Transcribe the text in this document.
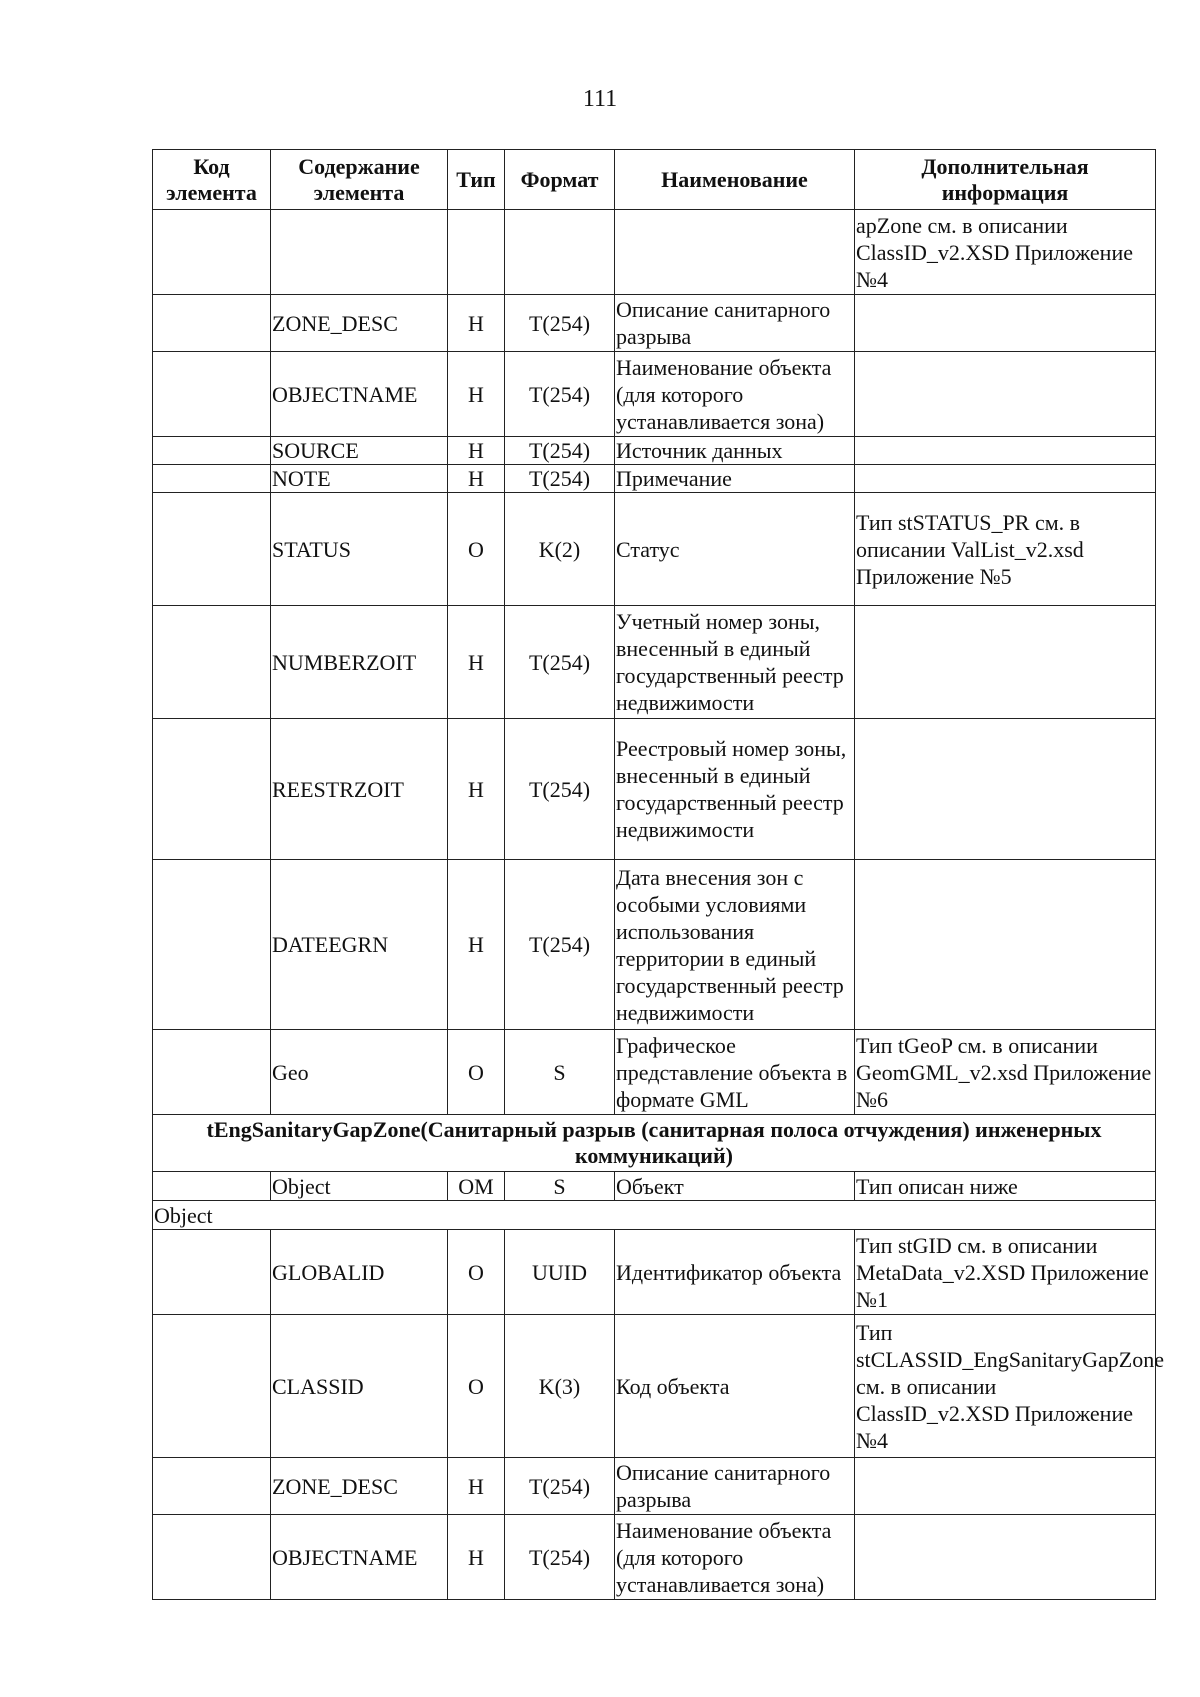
111
Код элемента	Содержание элемента	Тип	Формат	Наименование	Дополнительная информация
					apZone см. в описании ClassID_v2.XSD Приложение №4
	ZONE_DESC	Н	T(254)	Описание санитарного разрыва	
	OBJECTNAME	Н	T(254)	Наименование объекта (для которого устанавливается зона)	
	SOURCE	Н	T(254)	Источник данных	
	NOTE	Н	T(254)	Примечание	
	STATUS	О	K(2)	Статус	Тип stSTATUS_PR см. в описании ValList_v2.xsd Приложение №5
	NUMBERZOIT	Н	T(254)	Учетный номер зоны, внесенный в единый государственный реестр недвижимости	
	REESTRZOIT	Н	T(254)	Реестровый номер зоны, внесенный в единый государственный реестр недвижимости	
	DATEEGRN	Н	T(254)	Дата внесения зон с особыми условиями использования территории в единый государственный реестр недвижимости	
	Geo	О	S	Графическое представление объекта в формате GML	Тип tGeoP см. в описании GeomGML_v2.xsd Приложение №6
tEngSanitaryGapZone(Санитарный разрыв (санитарная полоса отчуждения) инженерных коммуникаций)					
	Object	ОМ	S	Объект	Тип описан ниже
Object					
	GLOBALID	О	UUID	Идентификатор объекта	Тип stGID см. в описании MetaData_v2.XSD Приложение №1
	CLASSID	О	K(3)	Код объекта	Тип stCLASSID_EngSanitaryGapZone см. в описании ClassID_v2.XSD Приложение №4
	ZONE_DESC	Н	T(254)	Описание санитарного разрыва	
	OBJECTNAME	Н	T(254)	Наименование объекта (для которого устанавливается зона)	
